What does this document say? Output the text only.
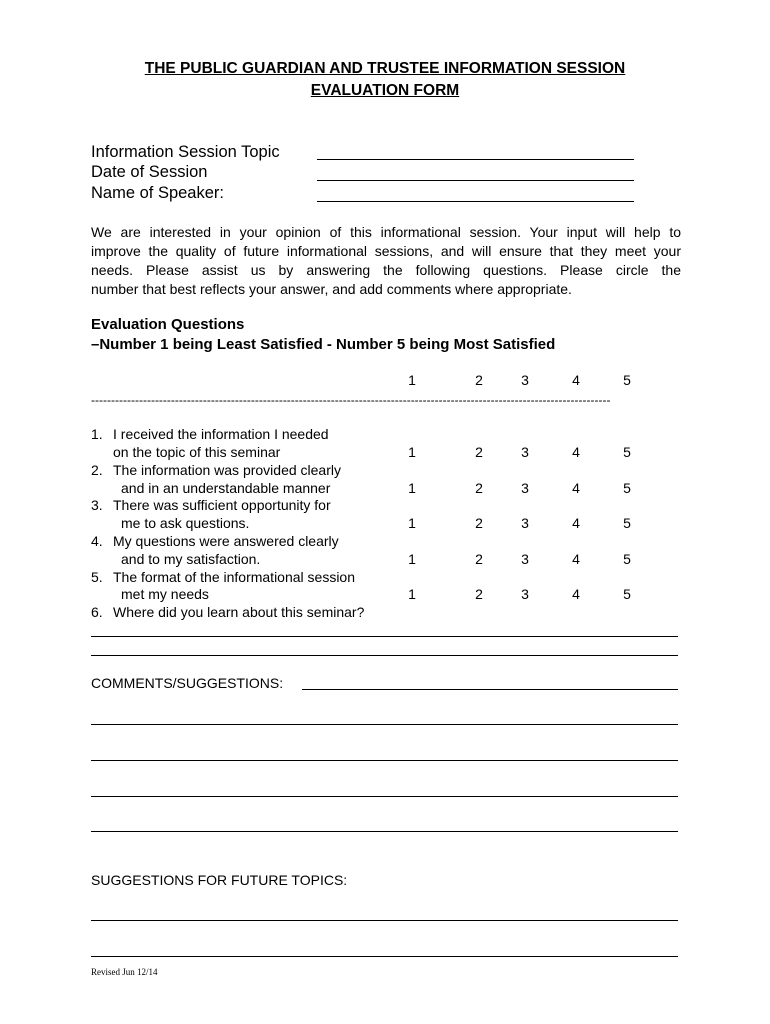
THE PUBLIC GUARDIAN AND TRUSTEE INFORMATION SESSION
EVALUATION FORM
Information Session Topic
Date of Session
Name of Speaker:
We are interested in your opinion of this informational session. Your input will help to
improve the quality of future informational sessions, and will ensure that they meet your
needs. Please assist us by answering the following questions. Please circle the
number that best reflects your answer, and add comments where appropriate.
Evaluation Questions
–Number 1 being Least Satisfied - Number 5 being Most Satisfied
1	2	3	4	5
----------------------------------------------------------------------------------------------------------------------------------
1. I received the information I needed
on the topic of this seminar	1	2	3	4	5
2. The information was provided clearly
and in an understandable manner	1	2	3	4	5
3. There was sufficient opportunity for
me to ask questions.	1	2	3	4	5
4. My questions were answered clearly
and to my satisfaction.	1	2	3	4	5
5. The format of the informational session
met my needs	1	2	3	4	5
6. Where did you learn about this seminar?
COMMENTS/SUGGESTIONS:
SUGGESTIONS FOR FUTURE TOPICS:
Revised Jun 12/14
